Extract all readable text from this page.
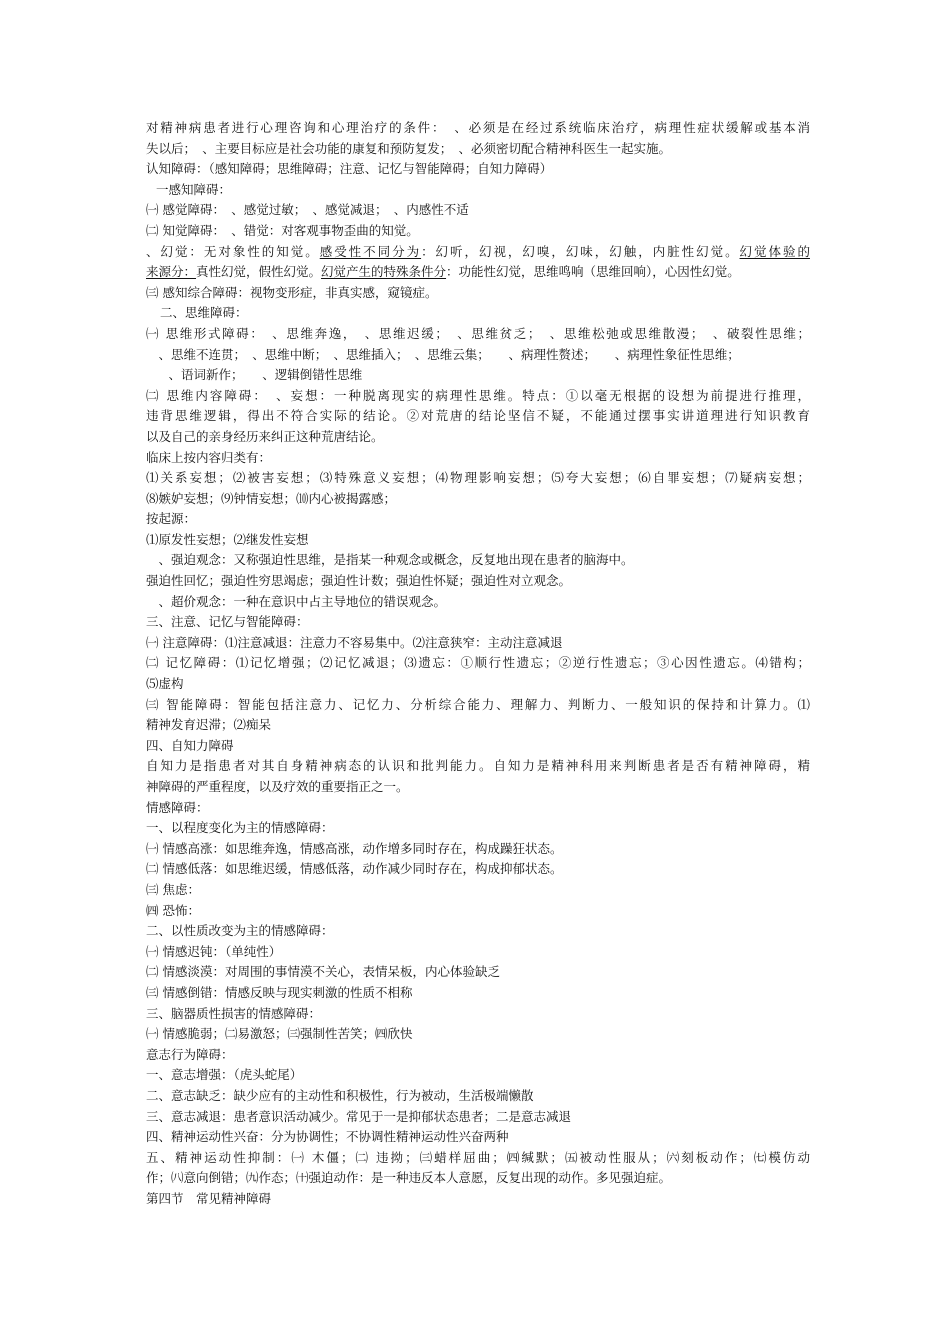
对精神病患者进行心理咨询和心理治疗的条件：　、必须是在经过系统临床治疗，病理性症状缓解或基本消
失以后；　、主要目标应是社会功能的康复和预防复发；　、必须密切配合精神科医生一起实施。
认知障碍：（感知障碍；思维障碍；注意、记忆与智能障碍；自知力障碍）
一感知障碍：
㈠ 感觉障碍：　、感觉过敏；　、感觉减退；　、内感性不适
㈡ 知觉障碍：　、错觉：对客观事物歪曲的知觉。
、幻觉：无对象性的知觉。感受性不同分为：幻听，幻视，幻嗅，幻味，幻触，内脏性幻觉。幻觉体验的
来源分：真性幻觉，假性幻觉。幻觉产生的特殊条件分：功能性幻觉，思维鸣响（思维回响），心因性幻觉。
㈢ 感知综合障碍：视物变形症，非真实感，窥镜症。
二、思维障碍：
㈠ 思维形式障碍：　、思维奔逸，　、思维迟缓；　、思维贫乏；　、思维松弛或思维散漫；　、破裂性思维；
　、思维不连贯；　、思维中断；　、思维插入；　、思维云集；　　、病理性赘述；　　、病理性象征性思维；
　、语词新作；　　、逻辑倒错性思维
㈡ 思维内容障碍：　、妄想：一种脱离现实的病理性思维。特点：①以毫无根据的设想为前提进行推理，
违背思维逻辑，得出不符合实际的结论。②对荒唐的结论坚信不疑，不能通过摆事实讲道理进行知识教育
以及自己的亲身经历来纠正这种荒唐结论。
临床上按内容归类有：
⑴关系妄想；⑵被害妄想；⑶特殊意义妄想；⑷物理影响妄想；⑸夸大妄想；⑹自罪妄想；⑺疑病妄想；
⑻嫉妒妄想；⑼钟情妄想；⑽内心被揭露感；
按起源：
⑴原发性妄想；⑵继发性妄想
　、强迫观念：又称强迫性思维，是指某一种观念或概念，反复地出现在患者的脑海中。
强迫性回忆；强迫性穷思竭虑；强迫性计数；强迫性怀疑；强迫性对立观念。
　、超价观念：一种在意识中占主导地位的错误观念。
三、注意、记忆与智能障碍：
㈠ 注意障碍：⑴注意减退：注意力不容易集中。⑵注意狭窄：主动注意减退
㈡ 记忆障碍：⑴记忆增强；⑵记忆减退；⑶遗忘：①顺行性遗忘；②逆行性遗忘；③心因性遗忘。⑷错构；
⑸虚构
㈢ 智能障碍：智能包括注意力、记忆力、分析综合能力、理解力、判断力、一般知识的保持和计算力。⑴
精神发育迟滞；⑵痴呆
四、自知力障碍
自知力是指患者对其自身精神病态的认识和批判能力。自知力是精神科用来判断患者是否有精神障碍，精
神障碍的严重程度，以及疗效的重要指正之一。
情感障碍：
一、以程度变化为主的情感障碍：
㈠ 情感高涨：如思维奔逸，情感高涨，动作增多同时存在，构成躁狂状态。
㈡ 情感低落：如思维迟缓，情感低落，动作减少同时存在，构成抑郁状态。
㈢ 焦虑：
㈣ 恐怖：
二、以性质改变为主的情感障碍：
㈠ 情感迟钝：（单纯性）
㈡ 情感淡漠：对周围的事情漠不关心，表情呆板，内心体验缺乏
㈢ 情感倒错：情感反映与现实刺激的性质不相称
三、脑器质性损害的情感障碍：
㈠ 情感脆弱；㈡易激怒；㈢强制性苦笑；㈣欣快
意志行为障碍：
一、意志增强：（虎头蛇尾）
二、意志缺乏：缺少应有的主动性和积极性，行为被动，生活极端懒散
三、意志减退：患者意识活动减少。常见于一是抑郁状态患者；二是意志减退
四、精神运动性兴奋：分为协调性；不协调性精神运动性兴奋两种
五、精神运动性抑制：㈠ 木僵；㈡ 违拗；㈢蜡样屈曲；㈣缄默；㈤被动性服从；㈥刻板动作；㈦模仿动
作；㈧意向倒错；㈨作态；㈩强迫动作：是一种违反本人意愿，反复出现的动作。多见强迫症。
第四节　常见精神障碍
